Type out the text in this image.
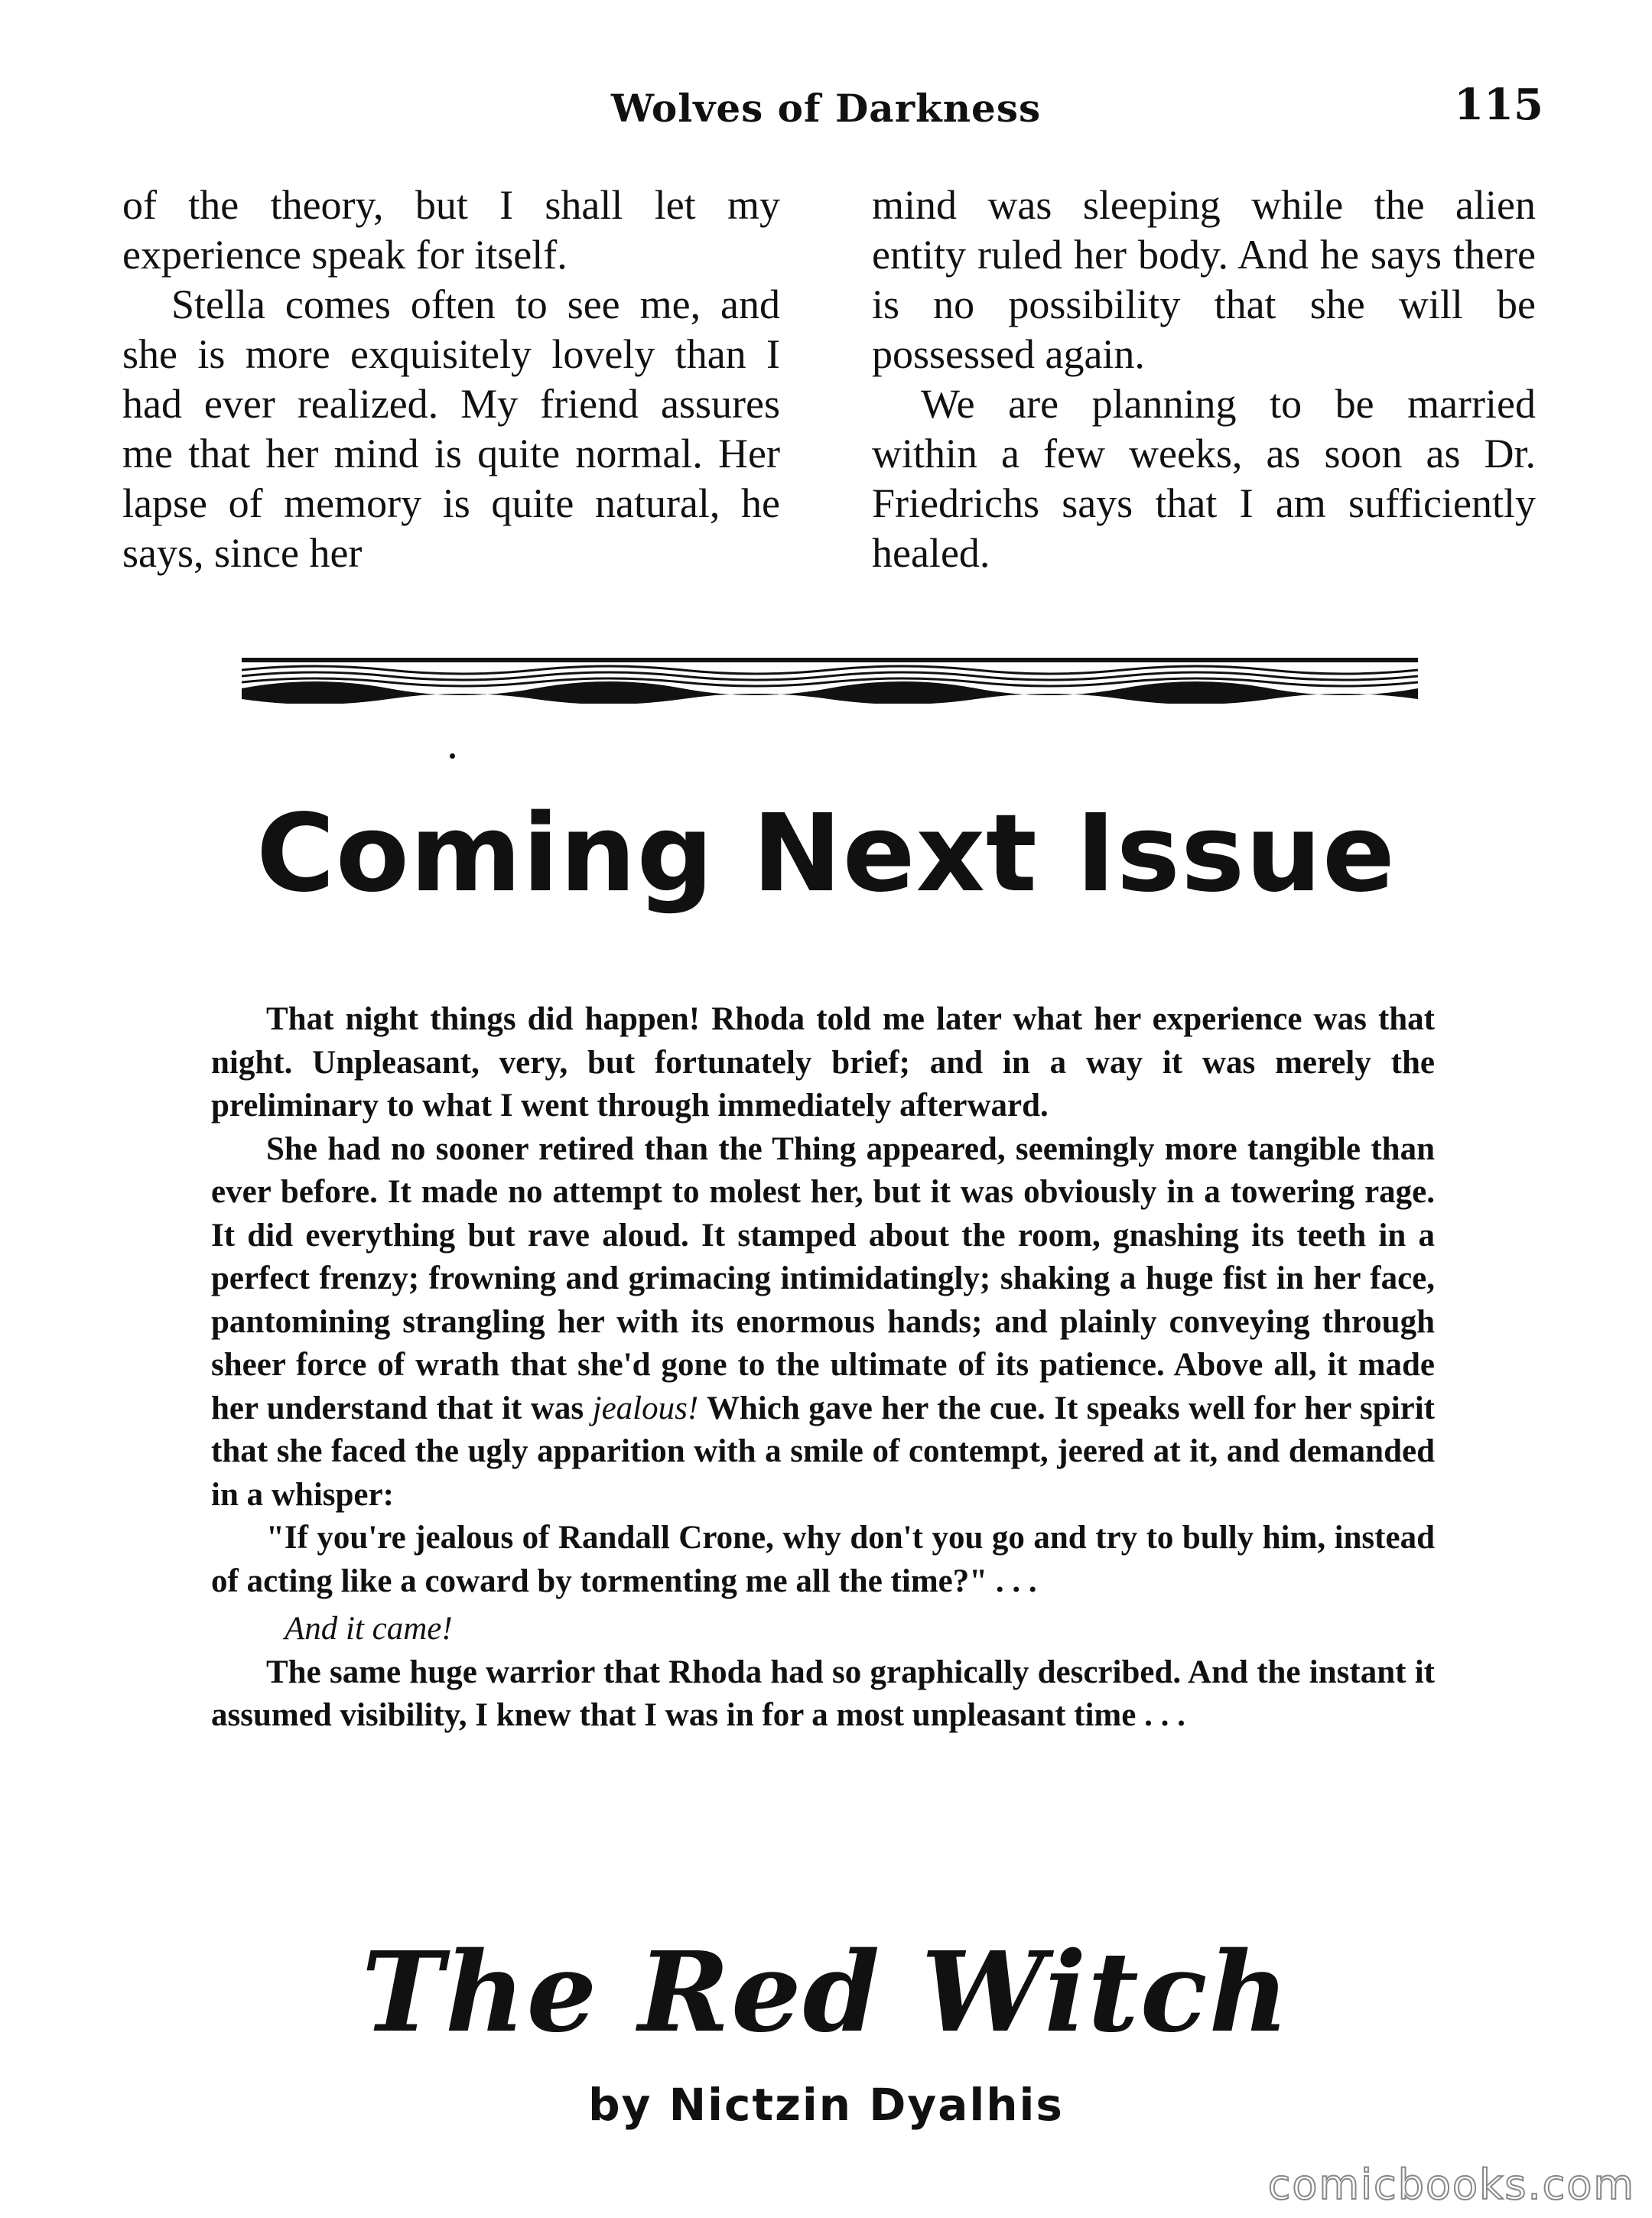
Wolves of Darkness	115

of the theory, but I shall let my experience speak for itself.

Stella comes often to see me, and she is more exquisitely lovely than I had ever realized. My friend assures me that her mind is quite normal. Her lapse of memory is quite natural, he says, since her

mind was sleeping while the alien entity ruled her body. And he says there is no possibility that she will be possessed again.

We are planning to be married within a few weeks, as soon as Dr. Friedrichs says that I am sufficiently healed.

Coming Next Issue

That night things did happen! Rhoda told me later what her experience was that night. Unpleasant, very, but fortunately brief; and in a way it was merely the preliminary to what I went through immediately afterward.

She had no sooner retired than the Thing appeared, seemingly more tangible than ever before. It made no attempt to molest her, but it was obviously in a towering rage. It did everything but rave aloud. It stamped about the room, gnashing its teeth in a perfect frenzy; frowning and grimacing intimidatingly; shaking a huge fist in her face, pantomining strangling her with its enormous hands; and plainly conveying through sheer force of wrath that she'd gone to the ultimate of its patience. Above all, it made her understand that it was jealous! Which gave her the cue. It speaks well for her spirit that she faced the ugly apparition with a smile of contempt, jeered at it, and demanded in a whisper:

"If you're jealous of Randall Crone, why don't you go and try to bully him, instead of acting like a coward by tormenting me all the time?" . . .

And it came!

The same huge warrior that Rhoda had so graphically described. And the instant it assumed visibility, I knew that I was in for a most unpleasant time . . .

The Red Witch
by Nictzin Dyalhis
comicbooks.com
